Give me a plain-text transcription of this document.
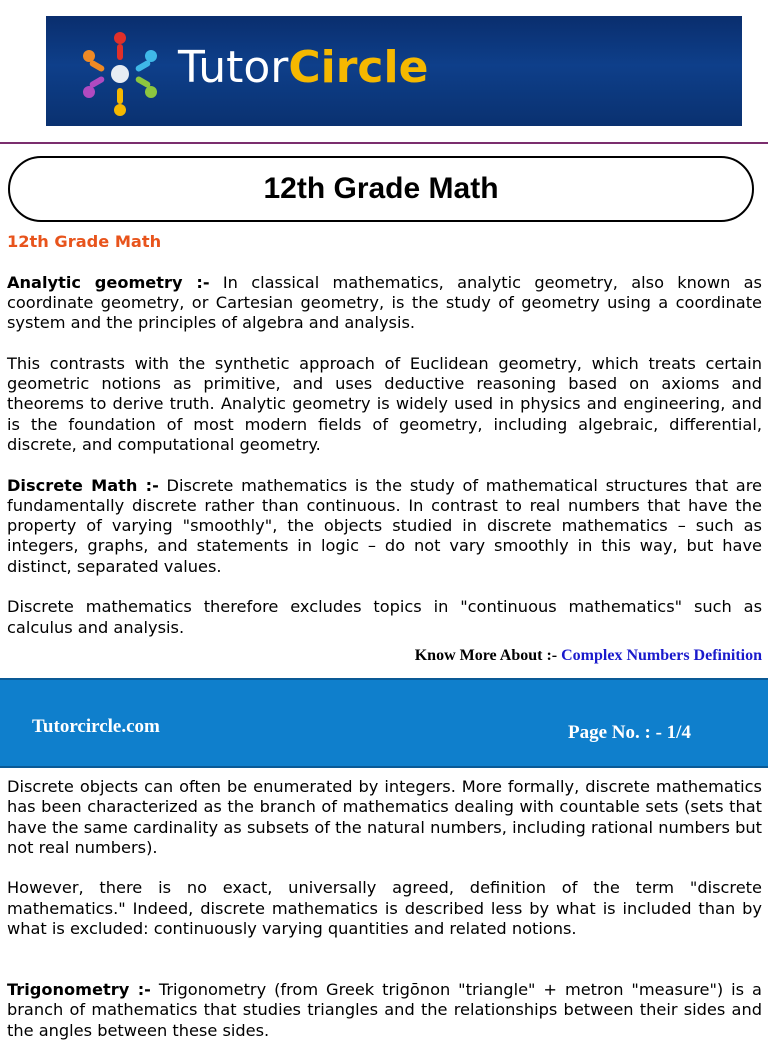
TutorCircle
12th Grade Math

12th Grade Math

Analytic geometry :- In classical mathematics, analytic geometry, also known as coordinate geometry, or Cartesian geometry, is the study of geometry using a coordinate system and the principles of algebra and analysis.

This contrasts with the synthetic approach of Euclidean geometry, which treats certain geometric notions as primitive, and uses deductive reasoning based on axioms and theorems to derive truth. Analytic geometry is widely used in physics and engineering, and is the foundation of most modern fields of geometry, including algebraic, differential, discrete, and computational geometry.

Discrete Math :- Discrete mathematics is the study of mathematical structures that are fundamentally discrete rather than continuous. In contrast to real numbers that have the property of varying "smoothly", the objects studied in discrete mathematics – such as integers, graphs, and statements in logic – do not vary smoothly in this way, but have distinct, separated values.

Discrete mathematics therefore excludes topics in "continuous mathematics" such as calculus and analysis.

Know More About :- Complex Numbers Definition
Tutorcircle.com	Page No. : - 1/4

Discrete objects can often be enumerated by integers. More formally, discrete mathematics has been characterized as the branch of mathematics dealing with countable sets (sets that have the same cardinality as subsets of the natural numbers, including rational numbers but not real numbers).

However, there is no exact, universally agreed, definition of the term "discrete mathematics." Indeed, discrete mathematics is described less by what is included than by what is excluded: continuously varying quantities and related notions.

Trigonometry :- Trigonometry (from Greek trigōnon "triangle" + metron "measure") is a branch of mathematics that studies triangles and the relationships between their sides and the angles between these sides.
